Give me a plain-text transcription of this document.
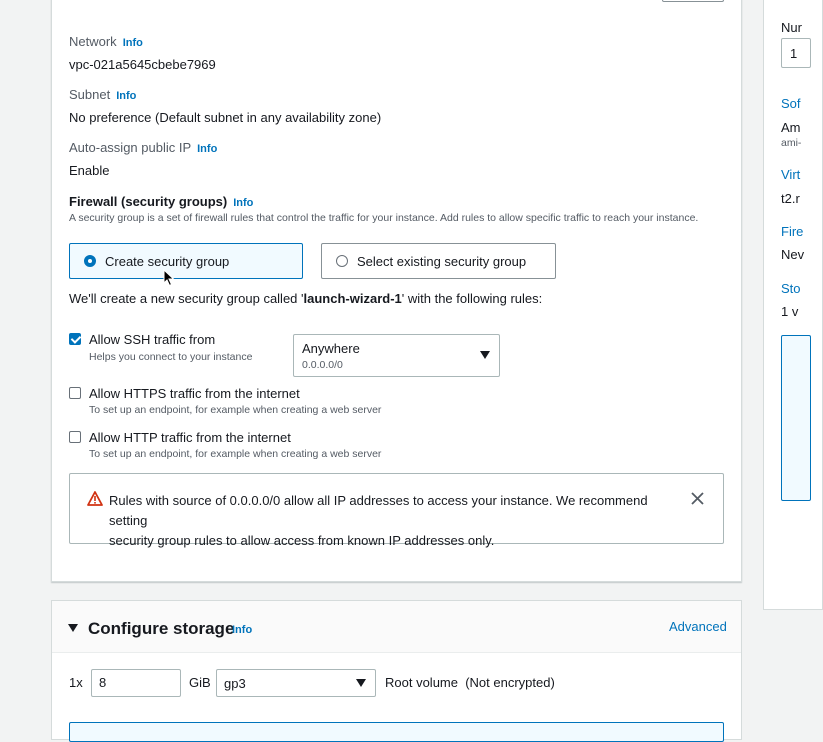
Network Info
vpc-021a5645cbebe7969
Subnet Info
No preference (Default subnet in any availability zone)
Auto-assign public IP Info
Enable
Firewall (security groups) Info
A security group is a set of firewall rules that control the traffic for your instance. Add rules to allow specific traffic to reach your instance.
Create security group	Select existing security group
We'll create a new security group called 'launch-wizard-1' with the following rules:
Allow SSH traffic from
Helps you connect to your instance
Anywhere
0.0.0.0/0
Allow HTTPS traffic from the internet
To set up an endpoint, for example when creating a web server
Allow HTTP traffic from the internet
To set up an endpoint, for example when creating a web server
Rules with source of 0.0.0.0/0 allow all IP addresses to access your instance. We recommend setting
security group rules to allow access from known IP addresses only.
Configure storage
Info	Advanced
1x	8	GiB gp3	Root volume (Not encrypted)
Nur
1
Sof
Am
ami-
Virt
t2.r
Fire
Nev
Sto
1 v
